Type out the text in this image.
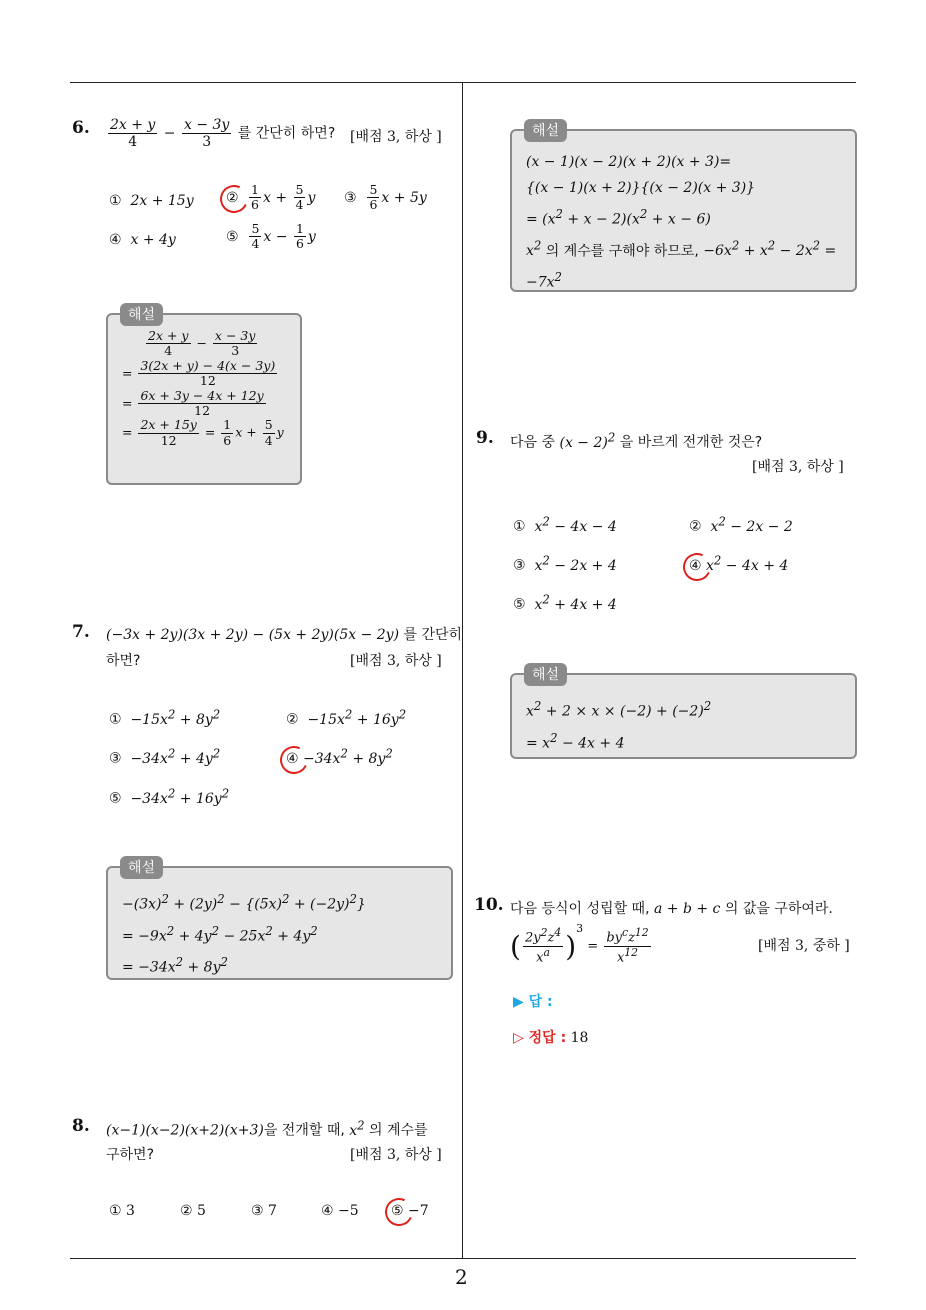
6. $\frac{2x + y}{4} - \frac{x - 3y}{3}$ 를 간단히 하면? [배점 3, 하상 ]
① 2x + 15y ② $\frac{1}{6}$ $x + \frac{5}{4}$ y ③ $\frac{5}{6}$ x + 5y
④ x + 4y	⑤ $\frac{5}{4}$ $x - \frac{1}{6}$ y
해설
$\frac{2x + y}{4} - \frac{x - 3y}{3}$
= $\frac{3(2x + y) - 4(x - 3y)}{12}$
= $\frac{6x + 3y - 4x + 12y}{12}$
= $\frac{2x + 15y}{12} = \frac{1}{6}$ $x + \frac{5}{4}$ y
7. (−3x + 2y)(3x + 2y) − (5x + 2y)(5x − 2y) 를 간단히
하면?	[배점 3, 하상 ]
①  $-15x^2 + 8y^2$	②  $-15x^2 + 16y^2$
③  $-34x^2 + 4y^2$	④ $-34x^2 + 8y^2$
⑤  $-34x^2 + 16y^2$
해설
$-(3x)^2 + (2y)^2 - \{(5x)^2 + (-2y)^2\}$
= $-9x^2 + 4y^2 - 25x^2 + 4y^2$
= $-34x^2 + 8y^2$
8. (x−1)(x−2)(x+2)(x+3)을 전개할 때, $x^2$ 의 계수를
구하면?	[배점 3, 하상 ]
① 3	② 5	③ 7	④ −5 ⑤ −7
해설
(x − 1)(x − 2)(x + 2)(x + 3)=
{(x − 1)(x + 2)}{(x − 2)(x + 3)}
= $(x^2 + x - 2)(x^2 + x - 6)$
$x^2$ 의 계수를 구해야 하므로, $-6x^2 + x^2 - 2x^2$ =
$-7x^2$
9. 다음 중 $(x - 2)^2$ 을 바르게 전개한 것은?
[배점 3, 하상 ]
①  $x^2 - 4x - 4$	②  $x^2 - 2x - 2$
③  $x^2 - 2x + 4$	④ $x^2 - 4x + 4$
⑤  $x^2 + 4x + 4$
해설
$x^2 + 2 \times x \times (-2) + (-2)^2$
= $x^2 - 4x + 4$
10. 다음 등식이 성립할 때, a + b + c 의 값을 구하여라.
( $\frac{2y^2z^4}{x^a} )^3 = \frac{by^cz^{12}}{x^{12}}$	[배점 3, 중하 ]
▶ 답 :
▷ 정답 : 18
2
